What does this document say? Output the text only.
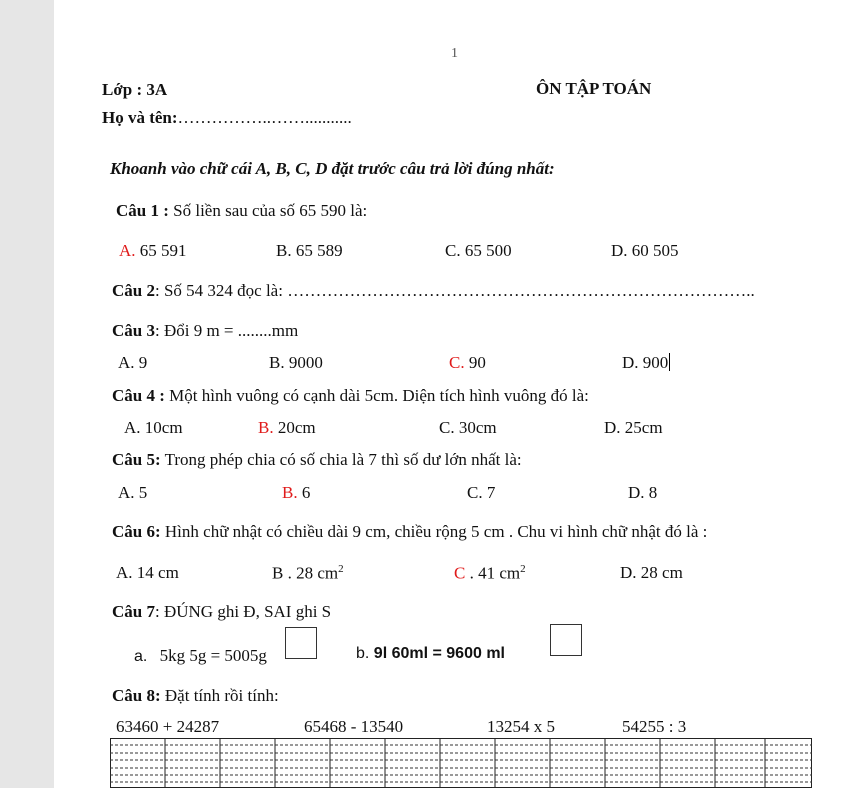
1
Lớp : 3A	ÔN TẬP TOÁN
Họ và tên:……………..……...........
Khoanh vào chữ cái A, B, C, D đặt trước câu trả lời đúng nhất:
Câu 1 : Số liền sau của số 65 590 là:
A. 65 591	B. 65 589	C. 65 500	D. 60 505
Câu 2: Số 54 324 đọc là: ………………………………………………………………………..
Câu 3: Đổi 9 m = ........mm
A. 9	B. 9000	C. 90	D. 900
Câu 4 : Một hình vuông có cạnh dài 5cm. Diện tích hình vuông đó là:
A. 10cm	B. 20cm	C. 30cm	D. 25cm
Câu 5: Trong phép chia có số chia là 7 thì số dư lớn nhất là:
A. 5	B. 6	C. 7	D. 8
Câu 6: Hình chữ nhật có chiều dài 9 cm, chiều rộng 5 cm . Chu vi hình chữ nhật đó là :
A. 14 cm	B . 28 $cm^2$	C . 41 $cm^2$	D. 28 cm
Câu 7: ĐÚNG ghi Đ, SAI ghi S
a. 5kg 5g = 5005g	b. 9l 60ml = 9600 ml
Câu 8: Đặt tính rồi tính:
63460 + 24287	65468 - 13540	13254 x 5	54255 : 3
